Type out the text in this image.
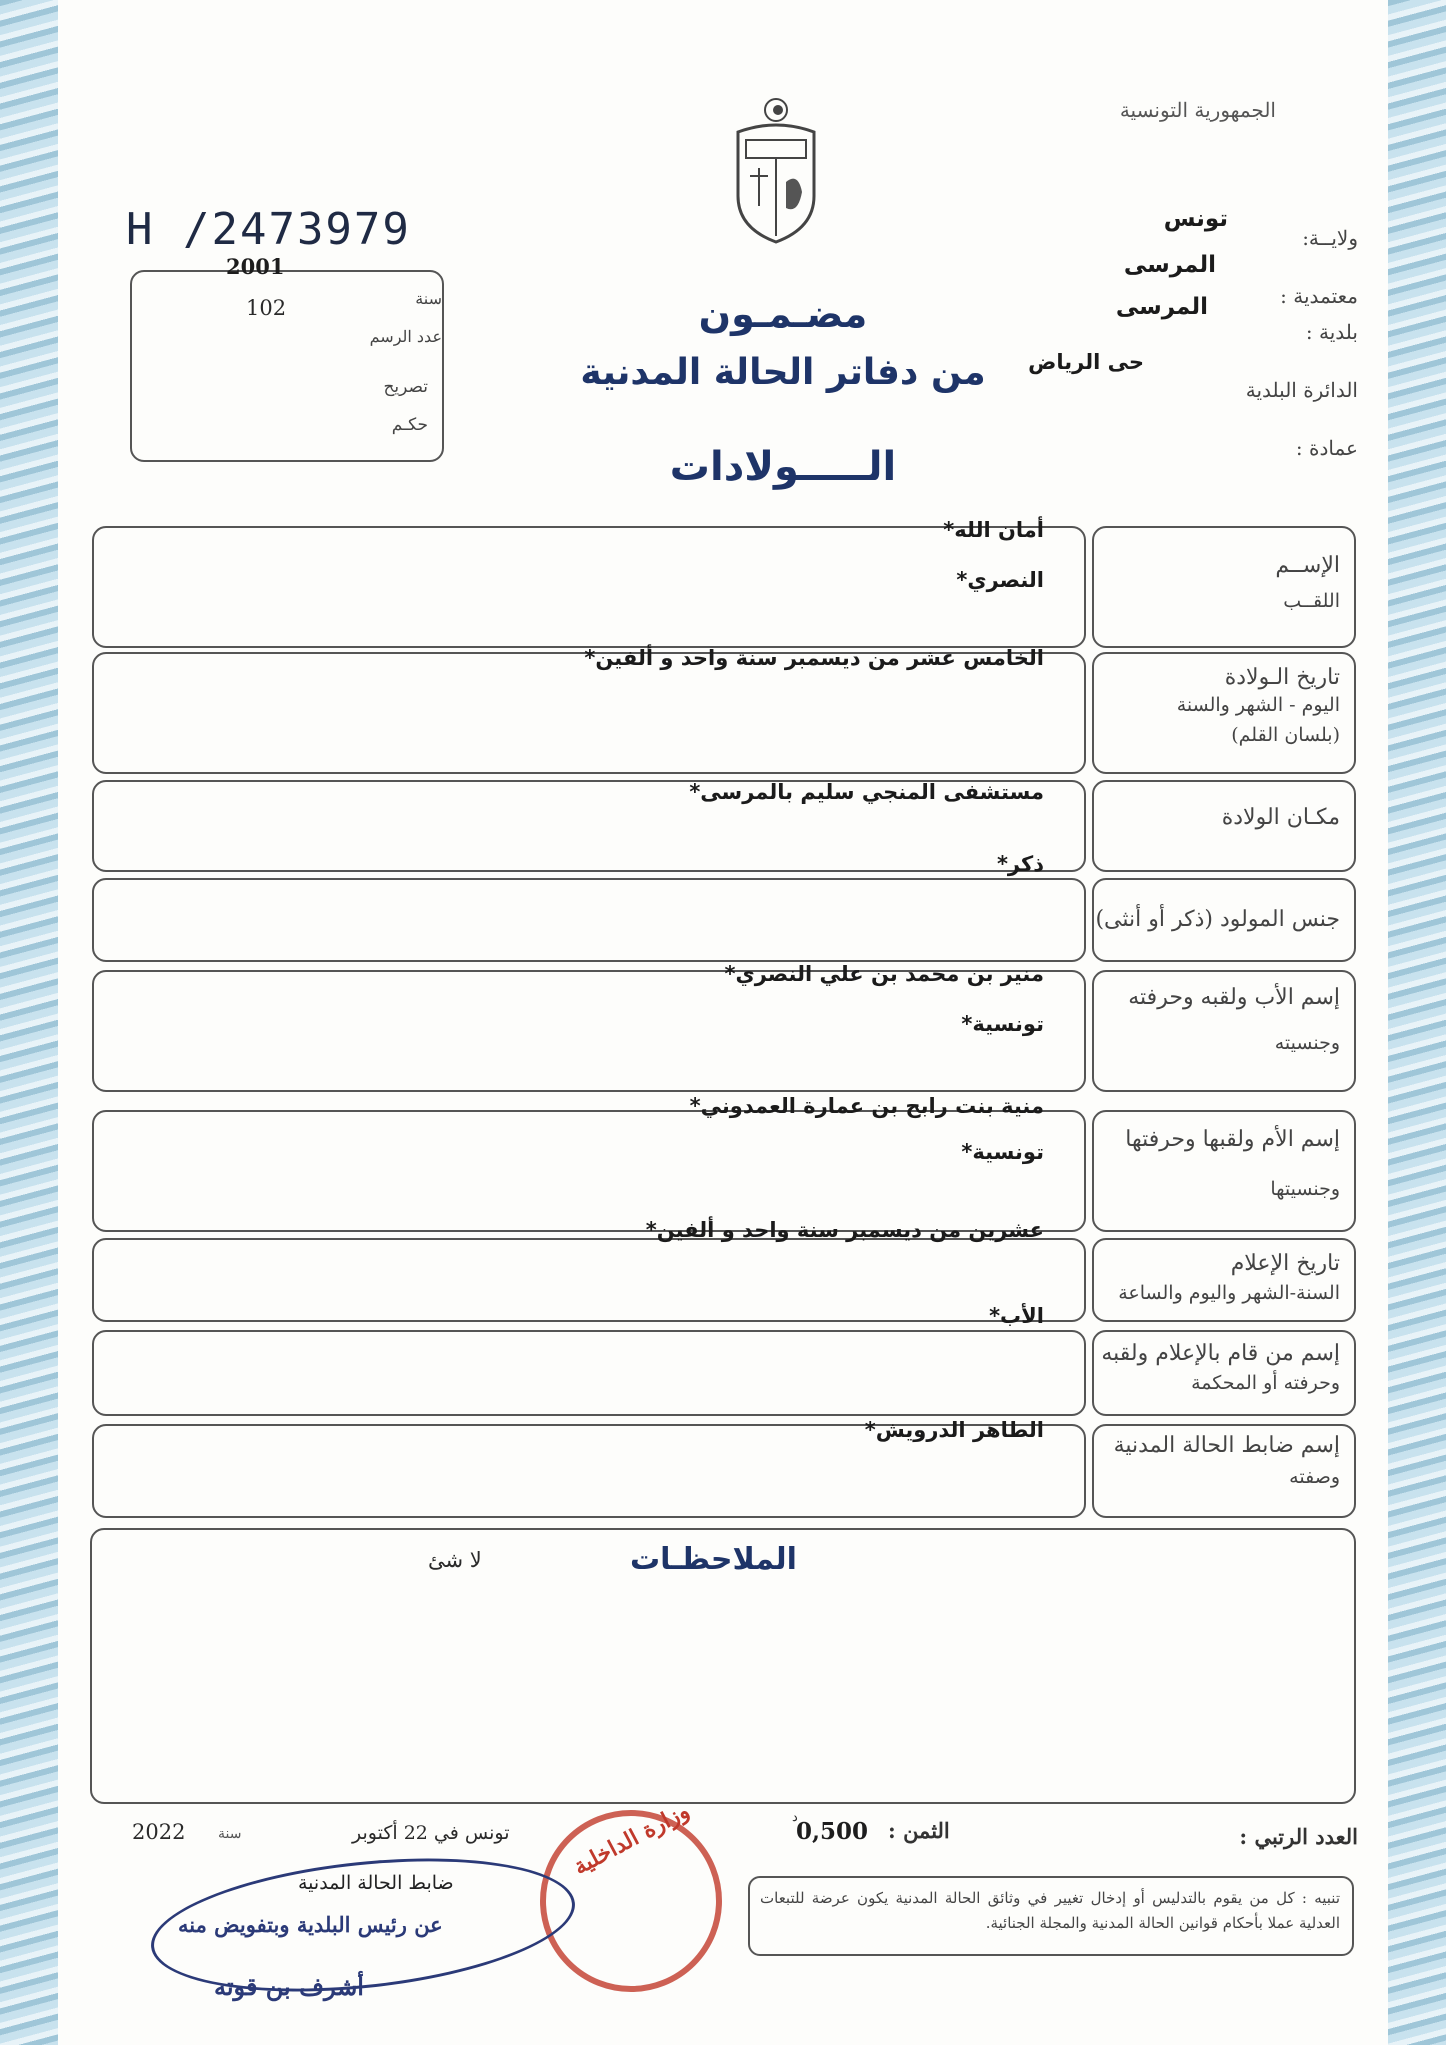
الجمهورية التونسية
H /2473979
2001
102	سنة
عدد الرسم
تصريح
حكـم
ولايــة:
تونس
معتمدية :
المرسى
بلدية :
المرسى
الدائرة البلدية
حى الرياض
عمادة :
مضـمـون
من دفاتر الحالة المدنية
الـــــولادات
الإســم
اللقــب
أمان الله*
النصري*
تاريخ الـولادة
اليوم - الشهر والسنة
(بلسان القلم)
الخامس عشر من ديسمبر سنة واحد و ألفين*
مكـان الولادة
مستشفى المنجي سليم بالمرسى*
جنس المولود (ذكر أو أنثى)
ذكر*
إسم الأب ولقبه وحرفته
وجنسيته
منير بن محمد بن علي النصري*
تونسية*
إسم الأم ولقبها وحرفتها
وجنسيتها
منية بنت رابح بن عمارة العمدوني*
تونسية*
تاريخ الإعلام
السنة-الشهر واليوم والساعة
عشرين من ديسمبر سنة واحد و ألفين*
إسم من قام بالإعلام ولقبه
وحرفته أو المحكمة
الأب*
إسم ضابط الحالة المدنية
وصفته
الطاهر الدرويش*
الملاحظـات
لا شئ
العدد الرتبي :
الثمن :
0,500
د
تونس في 22 أكتوبر
سنة
2022	وزارة الداخلية
ضابط الحالة المدنية
عن رئيس البلدية وبتفويض منه
أشرف بن قوته
تنبيه : كل من يقوم بالتدليس أو إدخال تغيير في وثائق الحالة المدنية يكون عرضة للتبعات العدلية عملا بأحكام قوانين الحالة المدنية والمجلة الجنائية.
